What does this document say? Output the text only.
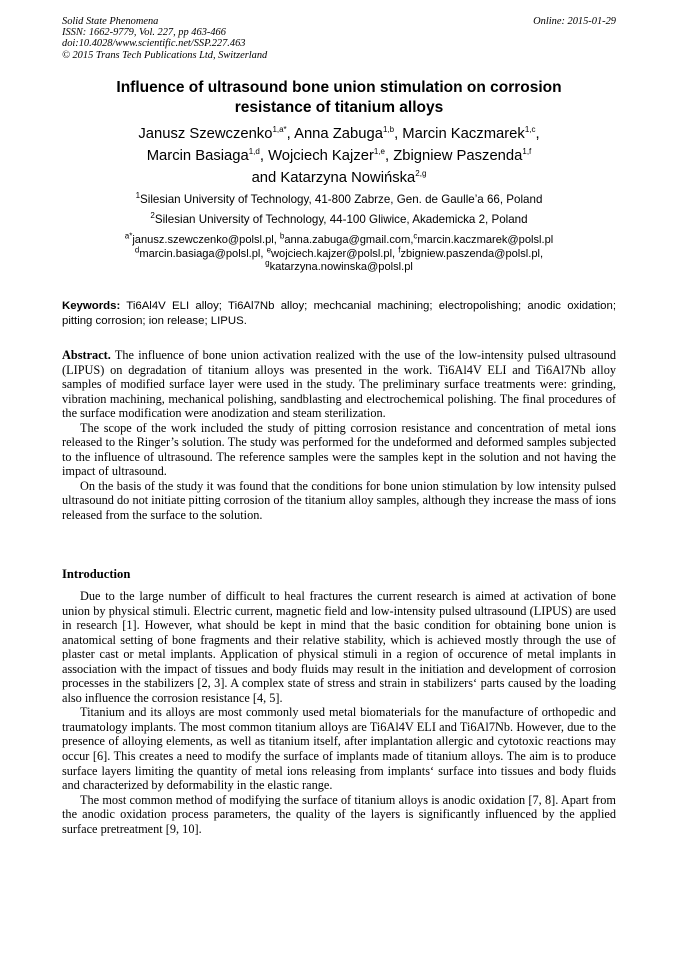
Solid State Phenomena
ISSN: 1662-9779, Vol. 227, pp 463-466
doi:10.4028/www.scientific.net/SSP.227.463
© 2015 Trans Tech Publications Ltd, Switzerland
Online: 2015-01-29
Influence of ultrasound bone union stimulation on corrosion
resistance of titanium alloys
Janusz Szewczenko$^{1,a*}$, Anna Zabuga$^{1,b}$, Marcin Kaczmarek$^{1,c}$,
Marcin Basiaga$^{1,d}$, Wojciech Kajzer$^{1,e}$, Zbigniew Paszenda$^{1,f}$
and Katarzyna Nowińska$^{2,g}$
$^1$Silesian University of Technology, 41-800 Zabrze, Gen. de Gaulle’a 66, Poland
$^2$Silesian University of Technology, 44-100 Gliwice, Akademicka 2, Poland
$^{a*}$janusz.szewczenko@polsl.pl, $^b$anna.zabuga@gmail.com,$^c$marcin.kaczmarek@polsl.pl
$^d$marcin.basiaga@polsl.pl, $^e$wojciech.kajzer@polsl.pl, $^f$zbigniew.paszenda@polsl.pl,
$^g$katarzyna.nowinska@polsl.pl
Keywords: Ti6Al4V ELI alloy; Ti6Al7Nb alloy; mechcanial machining; electropolishing; anodic oxidation; pitting corrosion; ion release; LIPUS.

Abstract. The influence of bone union activation realized with the use of the low-intensity pulsed ultrasound (LIPUS) on degradation of titanium alloys was presented in the work. Ti6Al4V ELI and Ti6Al7Nb alloy samples of modified surface layer were used in the study. The preliminary surface treatments were: grinding, vibration machining, mechanical polishing, sandblasting and electrochemical polishing. The final procedures of the surface modification were anodization and steam sterilization.

The scope of the work included the study of pitting corrosion resistance and concentration of metal ions released to the Ringer’s solution. The study was performed for the undeformed and deformed samples subjected to the influence of ultrasound. The reference samples were the samples kept in the solution and not having the impact of ultrasound.

On the basis of the study it was found that the conditions for bone union stimulation by low intensity pulsed ultrasound do not initiate pitting corrosion of the titanium alloy samples, although they increase the mass of ions released from the surface to the solution.

Introduction

Due to the large number of difficult to heal fractures the current research is aimed at activation of bone union by physical stimuli. Electric current, magnetic field and low-intensity pulsed ultrasound (LIPUS) are used in research [1]. However, what should be kept in mind that the basic condition for obtaining bone union is anatomical setting of bone fragments and their relative stability, which is achieved mostly through the use of plaster cast or metal implants. Application of physical stimuli in a region of occurence of metal implants in association with the impact of tissues and body fluids may result in the initiation and development of corrosion processes in the stabilizers [2, 3]. A complex state of stress and strain in stabilizers‘ parts caused by the loading also influence the corrosion resistance [4, 5].

Titanium and its alloys are most commonly used metal biomaterials for the manufacture of orthopedic and traumatology implants. The most common titanium alloys are Ti6Al4V ELI and Ti6Al7Nb. However, due to the presence of alloying elements, as well as titanium itself, after implantation allergic and cytotoxic reactions may occur [6]. This creates a need to modify the surface of implants made of titanium alloys. The aim is to produce surface layers limiting the quantity of metal ions releasing from implants‘ surface into tissues and body fluids and characterized by deformability in the elastic range.

The most common method of modifying the surface of titanium alloys is anodic oxidation [7, 8]. Apart from the anodic oxidation process parameters, the quality of the layers is significantly influenced by the applied surface pretreatment [9, 10].
